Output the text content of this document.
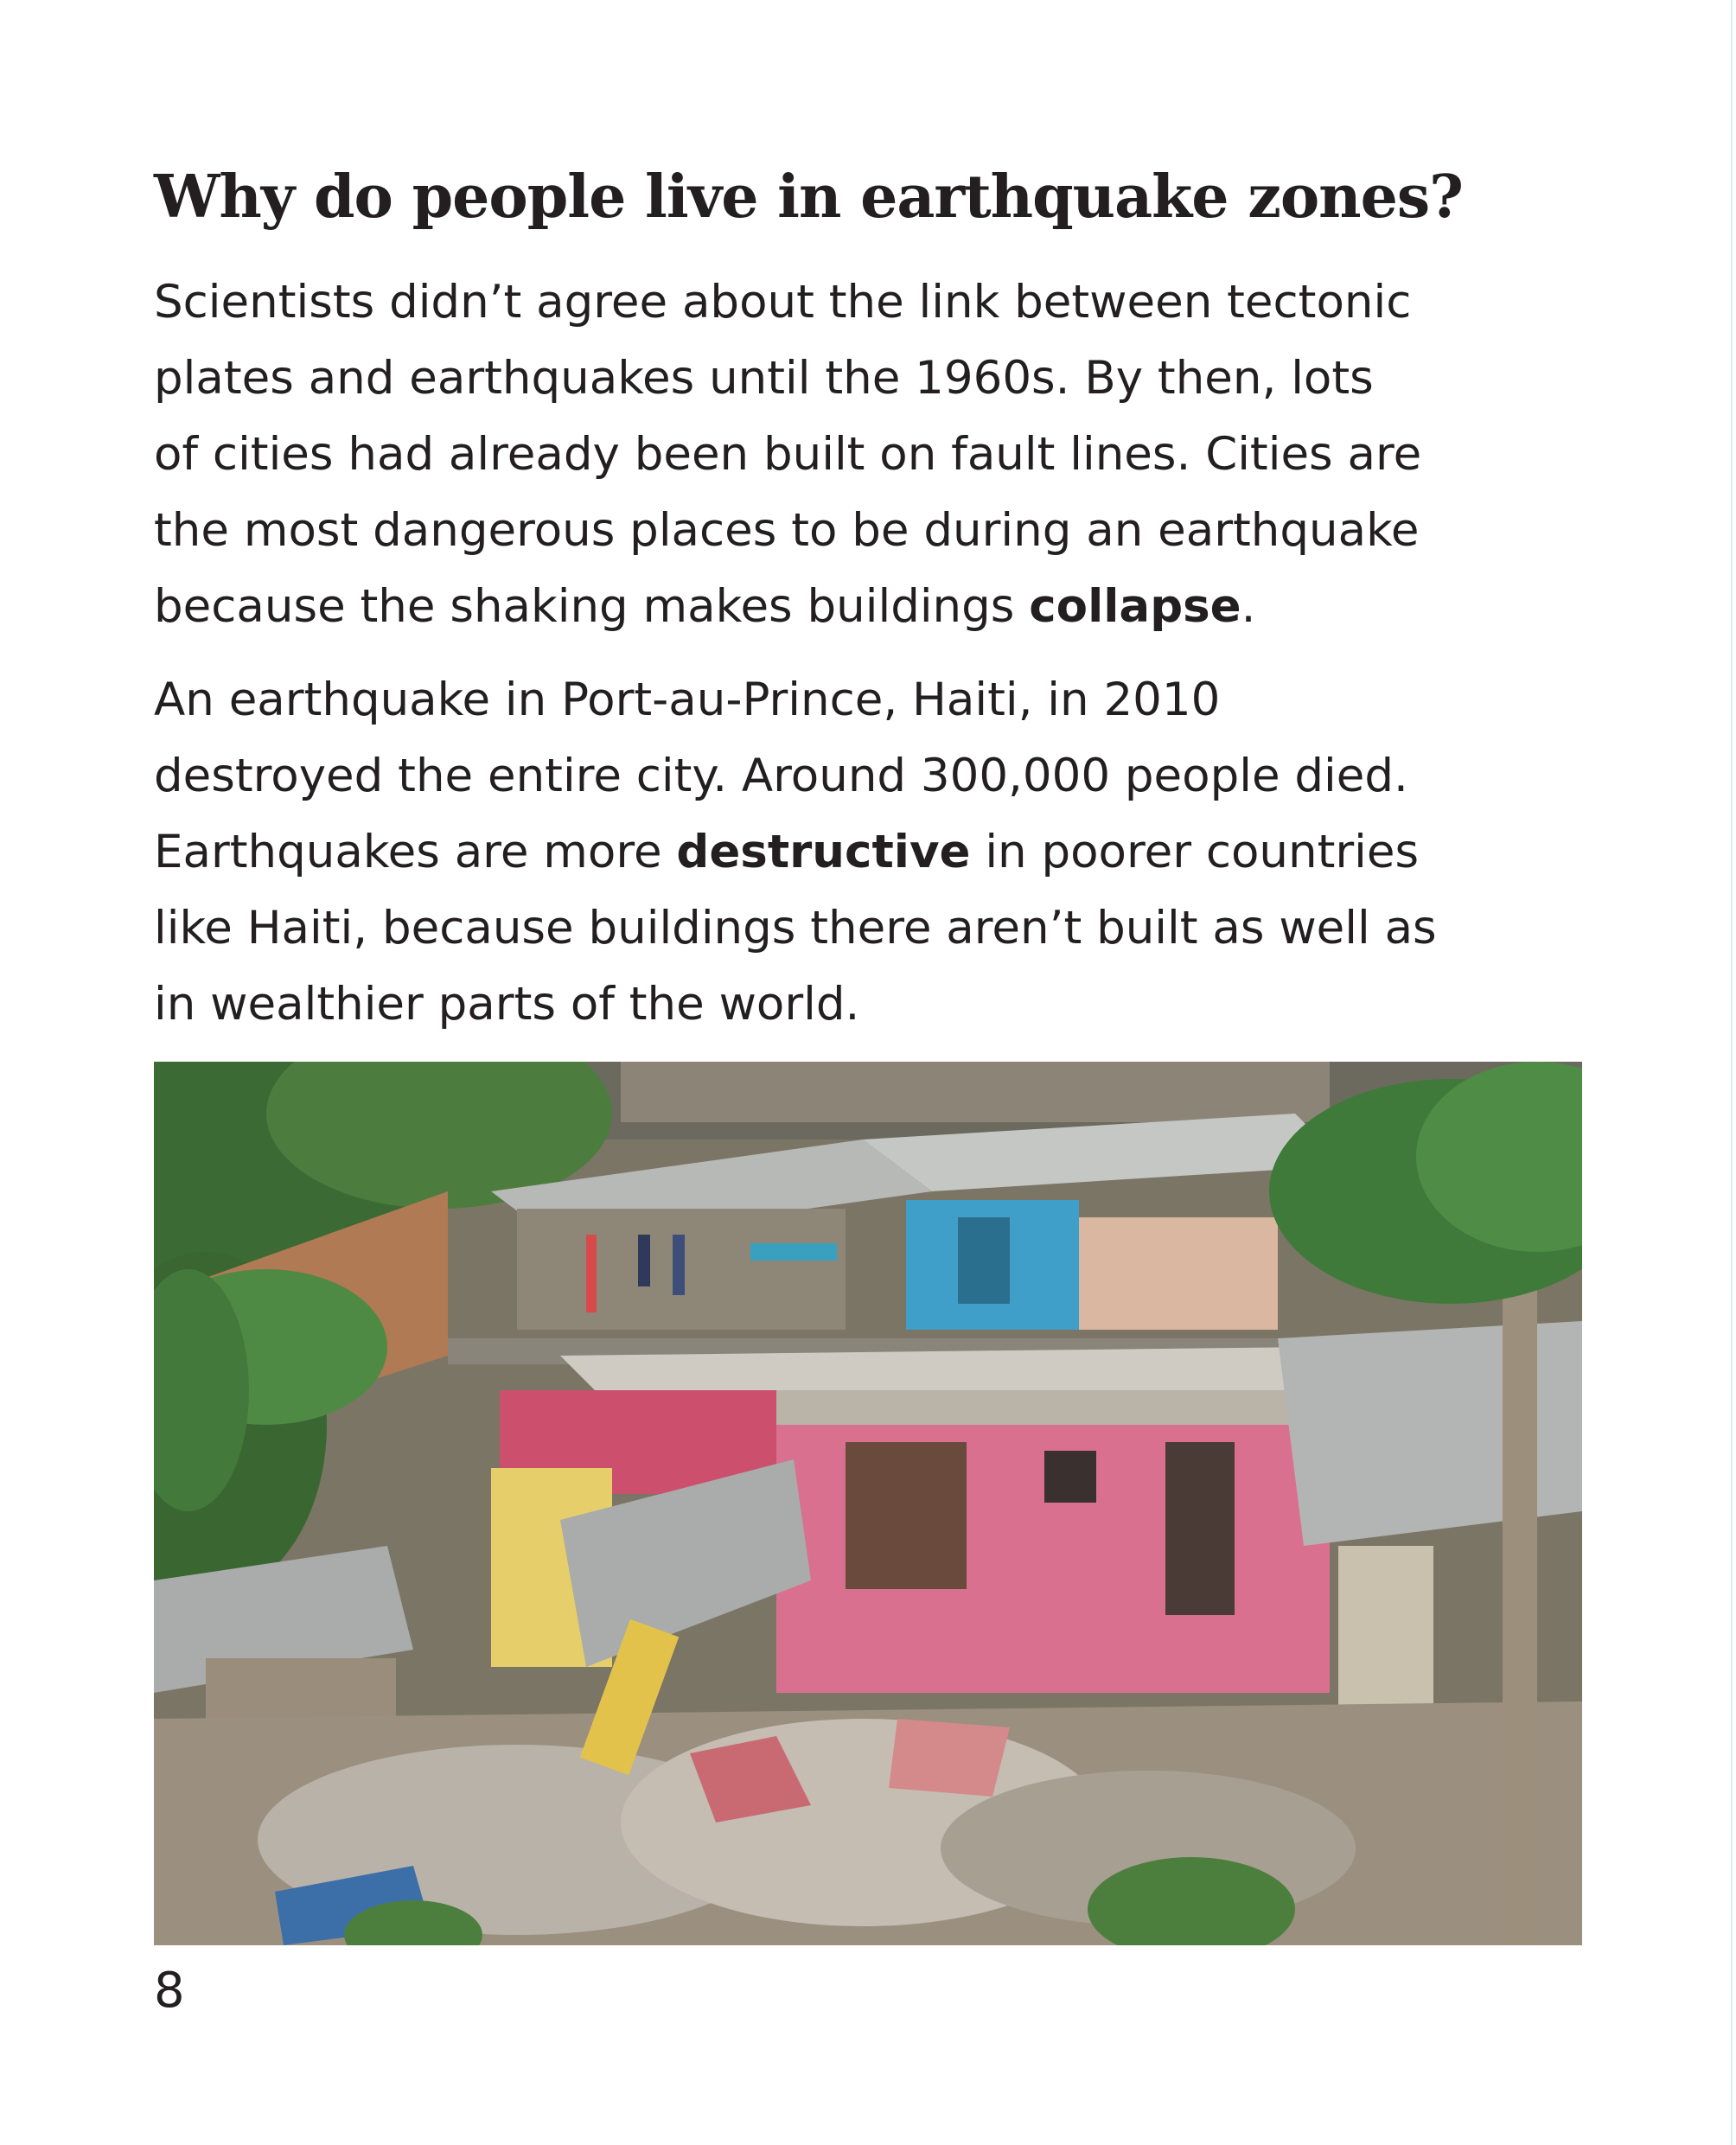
Why do people live in earthquake zones?

Scientists didn’t agree about the link between tectonic
plates and earthquakes until the 1960s. By then, lots
of cities had already been built on fault lines. Cities are
the most dangerous places to be during an earthquake
because the shaking makes buildings collapse.

An earthquake in Port-au-Prince, Haiti, in 2010
destroyed the entire city. Around 300,000 people died.
Earthquakes are more destructive in poorer countries
like Haiti, because buildings there aren’t built as well as
in wealthier parts of the world.

8
